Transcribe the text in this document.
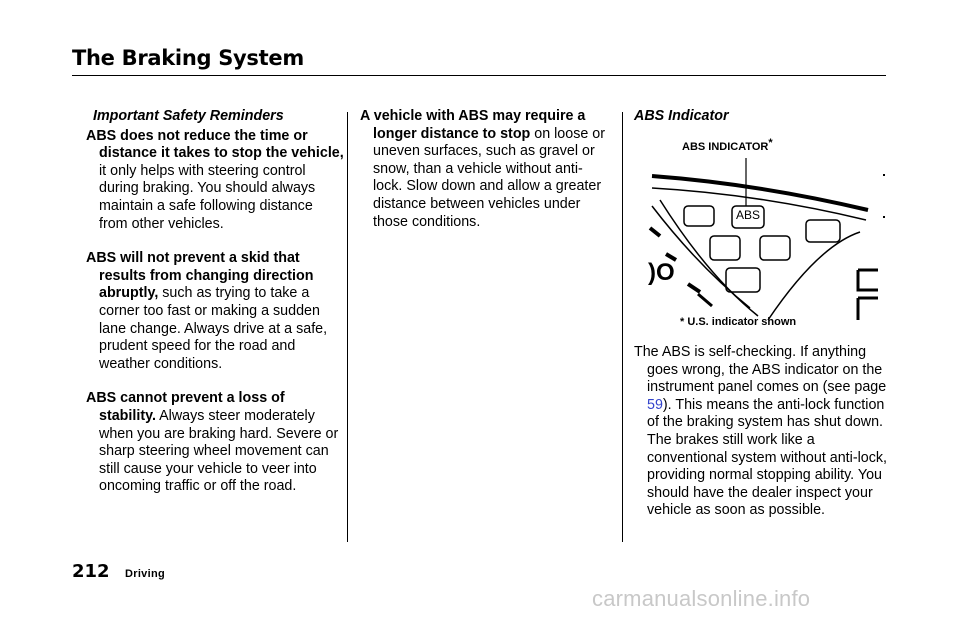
The Braking System
Important Safety Reminders

ABS does not reduce the time or distance it takes to stop the vehicle, it only helps with steering control during braking. You should always maintain a safe following distance from other vehicles.

ABS will not prevent a skid that results from changing direction abruptly, such as trying to take a corner too fast or making a sudden lane change. Always drive at a safe, prudent speed for the road and weather conditions.

ABS cannot prevent a loss of stability. Always steer moderately when you are braking hard. Severe or sharp steering wheel movement can still cause your vehicle to veer into oncoming traffic or off the road.

A vehicle with ABS may require a longer distance to stop on loose or uneven surfaces, such as gravel or snow, than a vehicle without anti-lock. Slow down and allow a greater distance between vehicles under those conditions.

ABS Indicator
ABS INDICATOR*
)O
ABS
* U.S. indicator shown

The ABS is self-checking. If anything goes wrong, the ABS indicator on the instrument panel comes on (see page 59). This means the anti-lock function of the braking system has shut down. The brakes still work like a conventional system without anti-lock, providing normal stopping ability. You should have the dealer inspect your vehicle as soon as possible.

212 Driving
carmanualsonline.info
